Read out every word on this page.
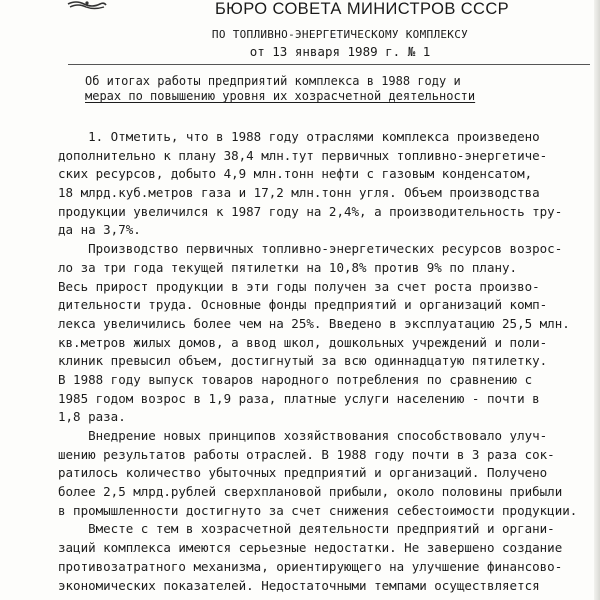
БЮРО СОВЕТА МИНИСТРОВ СССР
ПО ТОПЛИВНО-ЭНЕРГЕТИЧЕСКОМУ КОМПЛЕКСУ
от 13 января 1989 г. № 1
Об итогах работы предприятий комплекса в 1988 году и
мерах по повышению уровня их хозрасчетной деятельности
1. Отметить, что в 1988 году отраслями комплекса произведено
дополнительно к плану 38,4 млн.тут первичных топливно-энергетиче-
ских ресурсов, добыто 4,9 млн.тонн нефти с газовым конденсатом,
18 млрд.куб.метров газа и 17,2 млн.тонн угля. Объем производства
продукции увеличился к 1987 году на 2,4%, а производительность тру-
да на 3,7%.
Производство первичных топливно-энергетических ресурсов возрос-
ло за три года текущей пятилетки на 10,8% против 9% по плану.
Весь прирост продукции в эти годы получен за счет роста произво-
дительности труда. Основные фонды предприятий и организаций комп-
лекса увеличились более чем на 25%. Введено в эксплуатацию 25,5 млн.
кв.метров жилых домов, а ввод школ, дошкольных учреждений и поли-
клиник превысил объем, достигнутый за всю одиннадцатую пятилетку.
В 1988 году выпуск товаров народного потребления по сравнению с
1985 годом возрос в 1,9 раза, платные услуги населению - почти в
1,8 раза.
Внедрение новых принципов хозяйствования способствовало улуч-
шению результатов работы отраслей. В 1988 году почти в 3 раза сок-
ратилось количество убыточных предприятий и организаций. Получено
более 2,5 млрд.рублей сверхплановой прибыли, около половины прибыли
в промышленности достигнуто за счет снижения себестоимости продукции.
Вместе с тем в хозрасчетной деятельности предприятий и органи-
заций комплекса имеются серьезные недостатки. Не завершено создание
противозатратного механизма, ориентирующего на улучшение финансово-
экономических показателей. Недостаточными темпами осуществляется
